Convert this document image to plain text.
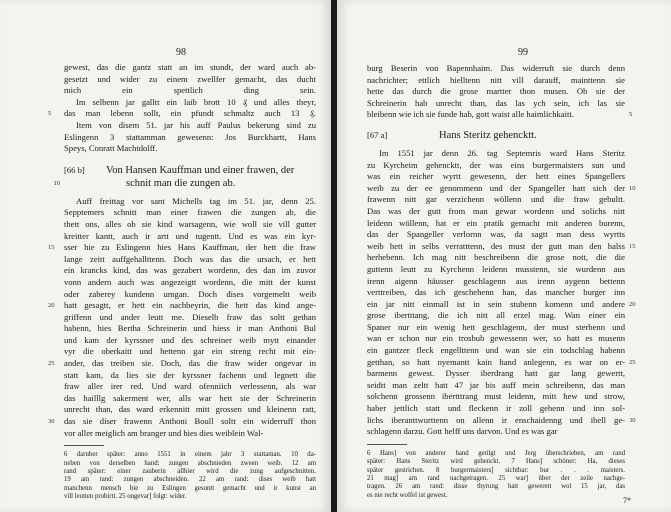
98
gewest, das die gantz statt an im stundt, der ward auch ab-
gesetzt und wider zu einem zwellfer gemacht, das ducht
mich ein spettlich ding sein.
Im selbenn jar galltt ein laib brott 10 ₰ und alles theyr,
5	das man lebenn sollt, ein pfundt schmaltz auch 13 ₰.
Item von disem 51. jar his auff Paulus bekerung sind zu
Eslingenn 3 stattamman gewesenn: Jos Burckhartt, Hans
Speys, Conratt Machtdolff.
[66 b] Von Hansen Kauffman und einer frawen, der
10	schnit man die zungen ab.
Auff freittag vor sant Michells tag im 51. jar, denn 25.
Sepptemers schnitt man einer frawen die zungen ab, die
thett ons, alles ob sie kind warsagenn, wie woll sie vill gutter
kreitter kantt, auch ir artt und tugentt. Und es was ein kyr-
15	sser hie zu Eslingenn hies Hans Kauffman, der hett die fraw
lange zeitt auffgehallttenn. Doch was das die ursach, er hett
ein krancks kind, das was gezabert wordenn, des dan im zuvor
vonn andern auch was angezeigtt wordenn, die mitt der kunst
oder zaberey kundenn umgan. Doch dises vorgemeltt weib
20	hatt gesagtt, er hett ein nachbeyrin, die hett das kind ange-
griffenn und ander leutt me. Dieselb fraw das soltt gethan
habenn, hies Bertha Schreinerin und hiess ir man Anthoni Bul
und kam der kyrssner und des schreiner weib mytt einander
vyr die oberkaitt und hettenn gar ein streng recht mit ein-
25	ander, das treiben sie. Doch, das die fraw wider ongevar in
statt kam, da lies sie der kyrssner fachenn und legnett die
fraw aller irer red. Und ward ofenniich verlessenn, als war
das hailllg sakerment wer, alls war hett sie der Schreinerin
unrecht than, das ward erkennitt mitt grossen und kleinenn ratt,
30	das sie diser frawenn Anthoni Boull soltt ein widerruff thon
vor aller meiglich am branger und hies dies weiblein Wal-
6 daruber später: anno 1551 in einem jahr 3 stattaman. 10 da-
neben von derselben hand: zungen abschnieden zween weib. 12 am
rand später: einer zauberin allhier wird die zung aufgeschnitten.
19 am rand: zungen abschneiden. 22 am rand: dises weib hatt
manchenn mensch bie zu Eslingen gesuntt gemacht und ir kunst an
vill leutten probirtt. 25 ongevar] folgt: wider.
99
burg Beserin von Bapennhaim. Das widerruft sie durch denn
nachrichter; ettlich hielltenn nitt vill darauff, mainttenn sie
hette das durch die grose martter thon musen. Ob sie der
Schreinerin hab unrecht than, das las ych sein, ich las sie
5
bleibenn wie ich sie funde hab, gott waist alle haimlichkaitt.
[67 a]	Hans Steritz gehencktt.
Im 1551 jar denn 26. tag Septemris ward Hans Steritz
zu Kyrcheim gehencktt, der was eins burgermaisters sun und
was ein reicher wyrtt gewesenn, der hett eines Spangellers
10
weib zu der ee genommenn und der Spangeller hatt sich der
frawenn nitt gar verzichenn wöllenn und die fraw gebultt.
Das was der gutt from man gewar wordenn und solichs nitt
leidenn wöllenn, hat er ein pratik gemacht mit anderen burenn,
das der Spangeller verlornn was, da sagtt man dess wyrtts
15
weib hett in selbs verratttenn, des must der gutt man den halss
herhebenn. Ich mag nitt beschreibenn die grose nott, die die
guttenn leutt zu Kyrchenn leidenn musstenn, sie wurdenn aus
irenn aigenn häusser geschlagenn aus irenn aygenn bettenn
verttreiben, das ich geschehenn han, das mancher burger inn
20
ein jar nitt einmall ist in sein stubenn komenn und andere
grose ibertttang, die ich nitt all erzel mag. Wan einer ein
Spaner nur ein wenig hett geschlagenn, der must sterbenn und
wan er schon nur ein trosbub gewessenn wer, so hatt es musenn
ein gantzer fleck engellttenn und wan sie ein todschlag habenn
25
getthan, so hatt nyemantt kain hand anlegenn, es war on er-
barmenn gewest. Dysser iberdrang hatt gar lang gewertt,
seidtt man zeltt hatt 47 jar bis auff mein schreibenn, das man
solchenn grossenn ibertttrang must leidenn, mitt hew und strow,
haber jettlich statt und fleckenn ir zoll gebenn und inn sol-
30
lichs iberanttwurttenn on allenn ir enschaidenng und ibell ge-
schlagenn darzu. Gott helff uns darvon. Und es was gar
6 Hans] von anderer hand getilgt und Jerg überschrieben, am rand
später: Hans Steritz wird gehenckt. 7 Hans] schöner: Ha, dieses
später gestrichen. 8 burgermaisters] sichtbar: bur . . . maisters.
21 mag] am rand nachgetragen. 25 war] über der zeile nachge-
tragen. 26 am rand: disse thyrung hatt gewerett wol 15 jar, das
es nie recht wolfel ist gewest.
7*
